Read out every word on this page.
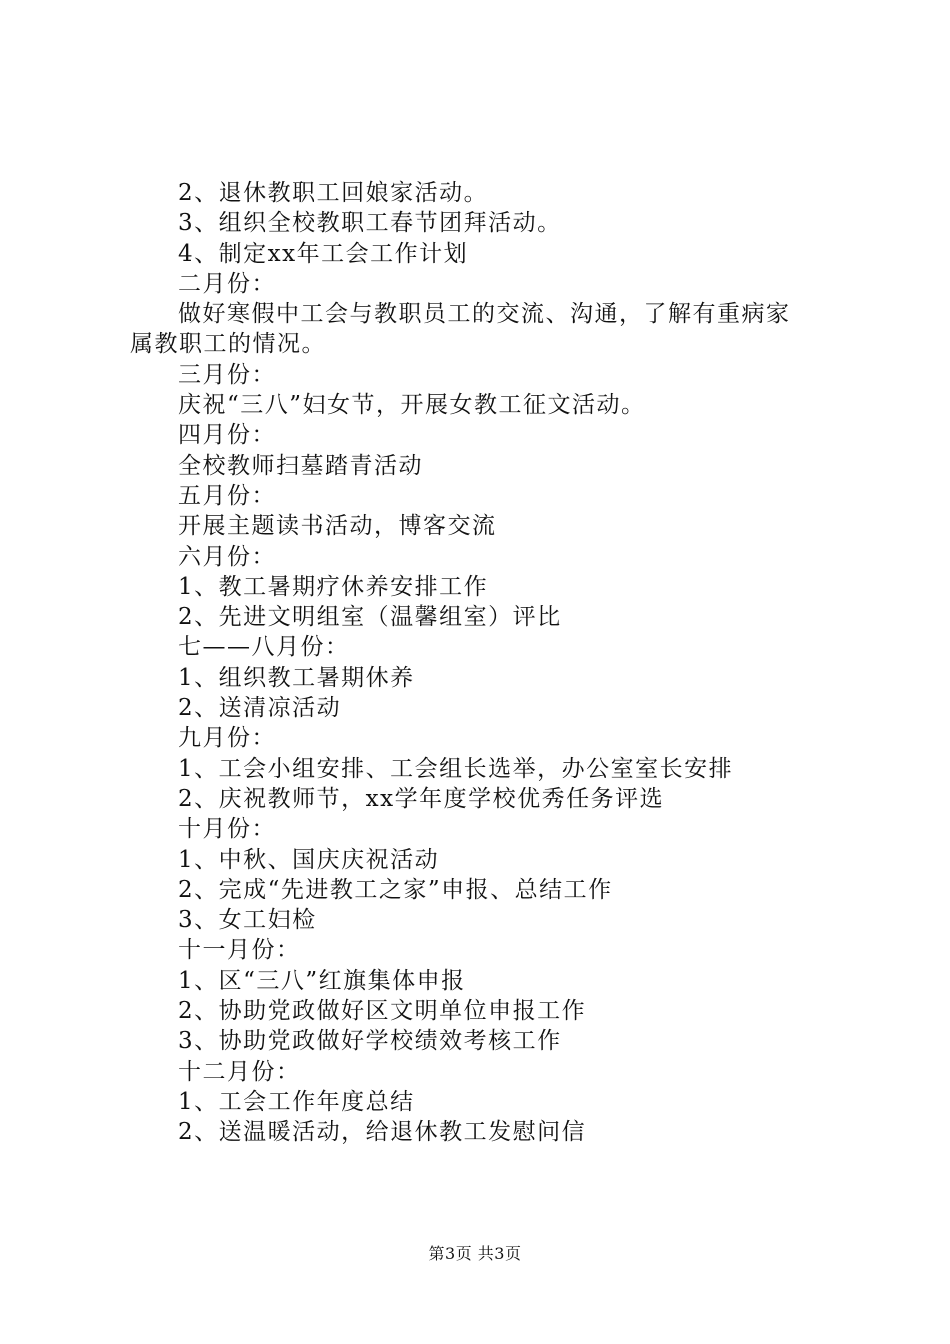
2、退休教职工回娘家活动。
3、组织全校教职工春节团拜活动。
4、制定xx年工会工作计划
二月份：
做好寒假中工会与教职员工的交流、沟通，了解有重病家
属教职工的情况。
三月份：
庆祝“三八”妇女节，开展女教工征文活动。
四月份：
全校教师扫墓踏青活动
五月份：
开展主题读书活动，博客交流
六月份：
1、教工暑期疗休养安排工作
2、先进文明组室（温馨组室）评比
七——八月份：
1、组织教工暑期休养
2、送清凉活动
九月份：
1、工会小组安排、工会组长选举，办公室室长安排
2、庆祝教师节，xx学年度学校优秀任务评选
十月份：
1、中秋、国庆庆祝活动
2、完成“先进教工之家”申报、总结工作
3、女工妇检
十一月份：
1、区“三八”红旗集体申报
2、协助党政做好区文明单位申报工作
3、协助党政做好学校绩效考核工作
十二月份：
1、工会工作年度总结
2、送温暖活动，给退休教工发慰问信
第3页 共3页
